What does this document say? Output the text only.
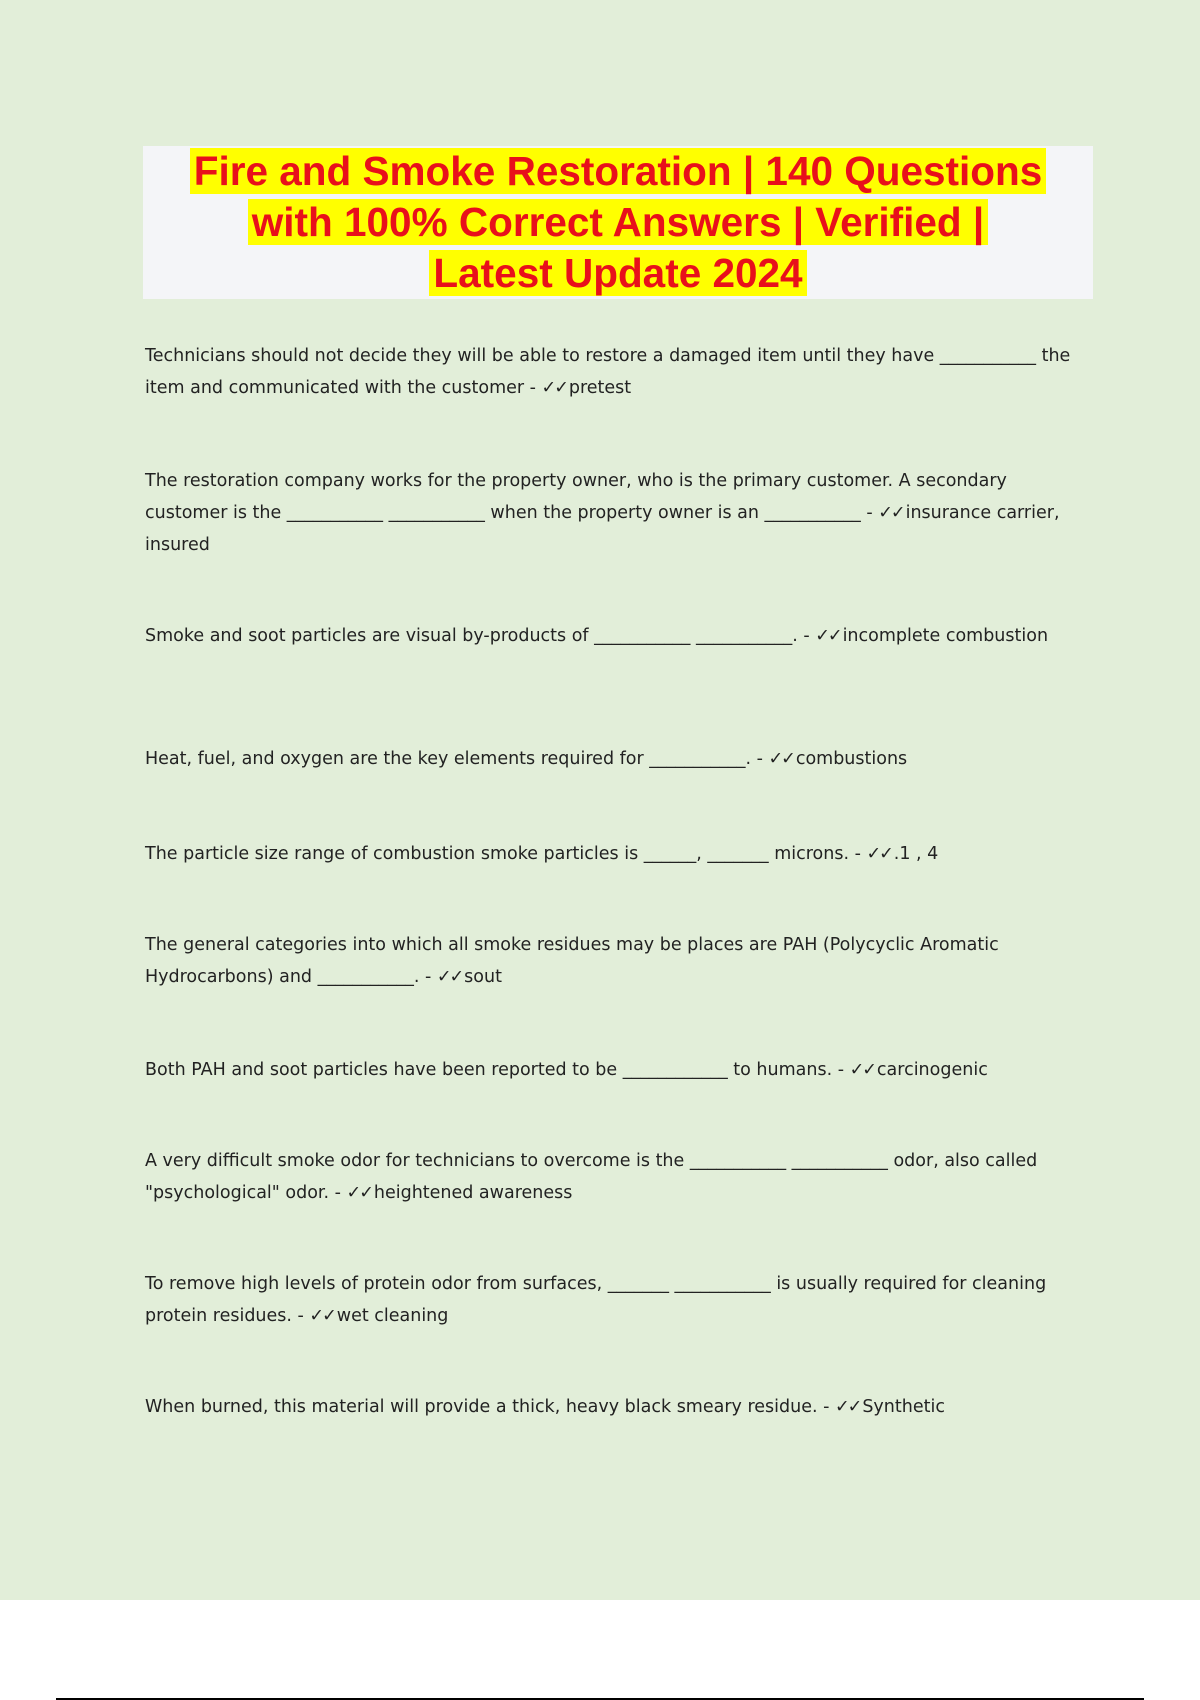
Fire and Smoke Restoration | 140 Questions
with 100% Correct Answers | Verified |
Latest Update 2024

Technicians should not decide they will be able to restore a damaged item until they have ___________ the item and communicated with the customer - ✓✓ pretest

The restoration company works for the property owner, who is the primary customer. A secondary customer is the ___________ ___________ when the property owner is an ___________ - ✓✓ insurance carrier, insured

Smoke and soot particles are visual by-products of ___________ ___________. - ✓✓ incomplete combustion

Heat, fuel, and oxygen are the key elements required for ___________. - ✓✓ combustions

The particle size range of combustion smoke particles is ______, _______ microns. - ✓✓ .1 , 4

The general categories into which all smoke residues may be places are PAH (Polycyclic Aromatic Hydrocarbons) and ___________. - ✓✓ sout

Both PAH and soot particles have been reported to be ____________ to humans. - ✓✓ carcinogenic

A very difficult smoke odor for technicians to overcome is the ___________ ___________ odor, also called "psychological" odor. - ✓✓ heightened awareness

To remove high levels of protein odor from surfaces, _______ ___________ is usually required for cleaning protein residues. - ✓✓ wet cleaning

When burned, this material will provide a thick, heavy black smeary residue. - ✓✓ Synthetic
